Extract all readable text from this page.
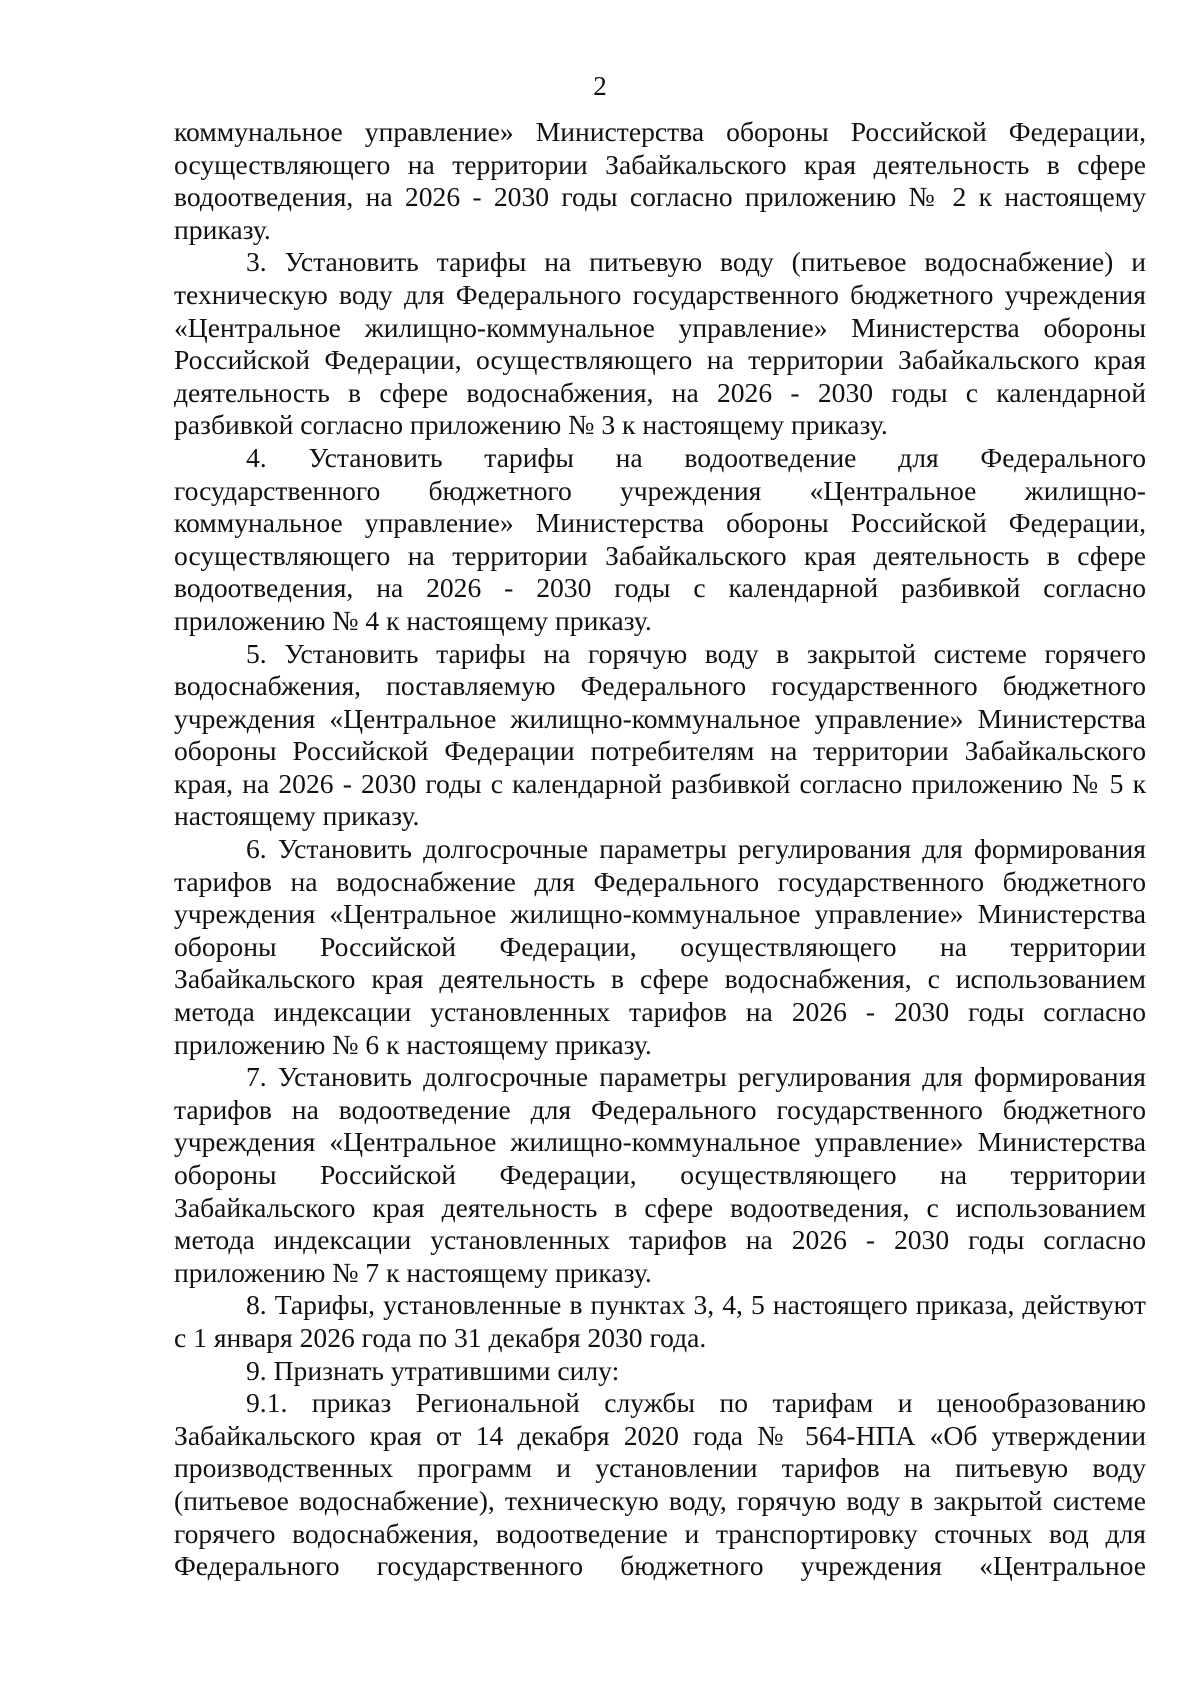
2

коммунальное управление» Министерства обороны Российской Федерации, осуществляющего на территории Забайкальского края деятельность в сфере водоотведения, на 2026 - 2030 годы согласно приложению № 2 к настоящему приказу.

3. Установить тарифы на питьевую воду (питьевое водоснабжение) и техническую воду для Федерального государственного бюджетного учреждения «Центральное жилищно-коммунальное управление» Министерства обороны Российской Федерации, осуществляющего на территории Забайкальского края деятельность в сфере водоснабжения, на 2026 - 2030 годы с календарной разбивкой согласно приложению № 3 к настоящему приказу.

4. Установить тарифы на водоотведение для Федерального государственного бюджетного учреждения «Центральное жилищно-коммунальное управление» Министерства обороны Российской Федерации, осуществляющего на территории Забайкальского края деятельность в сфере водоотведения, на 2026 - 2030 годы с календарной разбивкой согласно приложению № 4 к настоящему приказу.

5. Установить тарифы на горячую воду в закрытой системе горячего водоснабжения, поставляемую Федерального государственного бюджетного учреждения «Центральное жилищно-коммунальное управление» Министерства обороны Российской Федерации потребителям на территории Забайкальского края, на 2026 - 2030 годы с календарной разбивкой согласно приложению № 5 к настоящему приказу.

6. Установить долгосрочные параметры регулирования для формирования тарифов на водоснабжение для Федерального государственного бюджетного учреждения «Центральное жилищно-коммунальное управление» Министерства обороны Российской Федерации, осуществляющего на территории Забайкальского края деятельность в сфере водоснабжения, с использованием метода индексации установленных тарифов на 2026 - 2030 годы согласно приложению № 6 к настоящему приказу.

7. Установить долгосрочные параметры регулирования для формирования тарифов на водоотведение для Федерального государственного бюджетного учреждения «Центральное жилищно-коммунальное управление» Министерства обороны Российской Федерации, осуществляющего на территории Забайкальского края деятельность в сфере водоотведения, с использованием метода индексации установленных тарифов на 2026 - 2030 годы согласно приложению № 7 к настоящему приказу.

8. Тарифы, установленные в пунктах 3, 4, 5 настоящего приказа, действуют с 1 января 2026 года по 31 декабря 2030 года.

9. Признать утратившими силу:

9.1. приказ Региональной службы по тарифам и ценообразованию Забайкальского края от 14 декабря 2020 года № 564-НПА «Об утверждении производственных программ и установлении тарифов на питьевую воду (питьевое водоснабжение), техническую воду, горячую воду в закрытой системе горячего водоснабжения, водоотведение и транспортировку сточных вод для Федерального государственного бюджетного учреждения «Центральное
